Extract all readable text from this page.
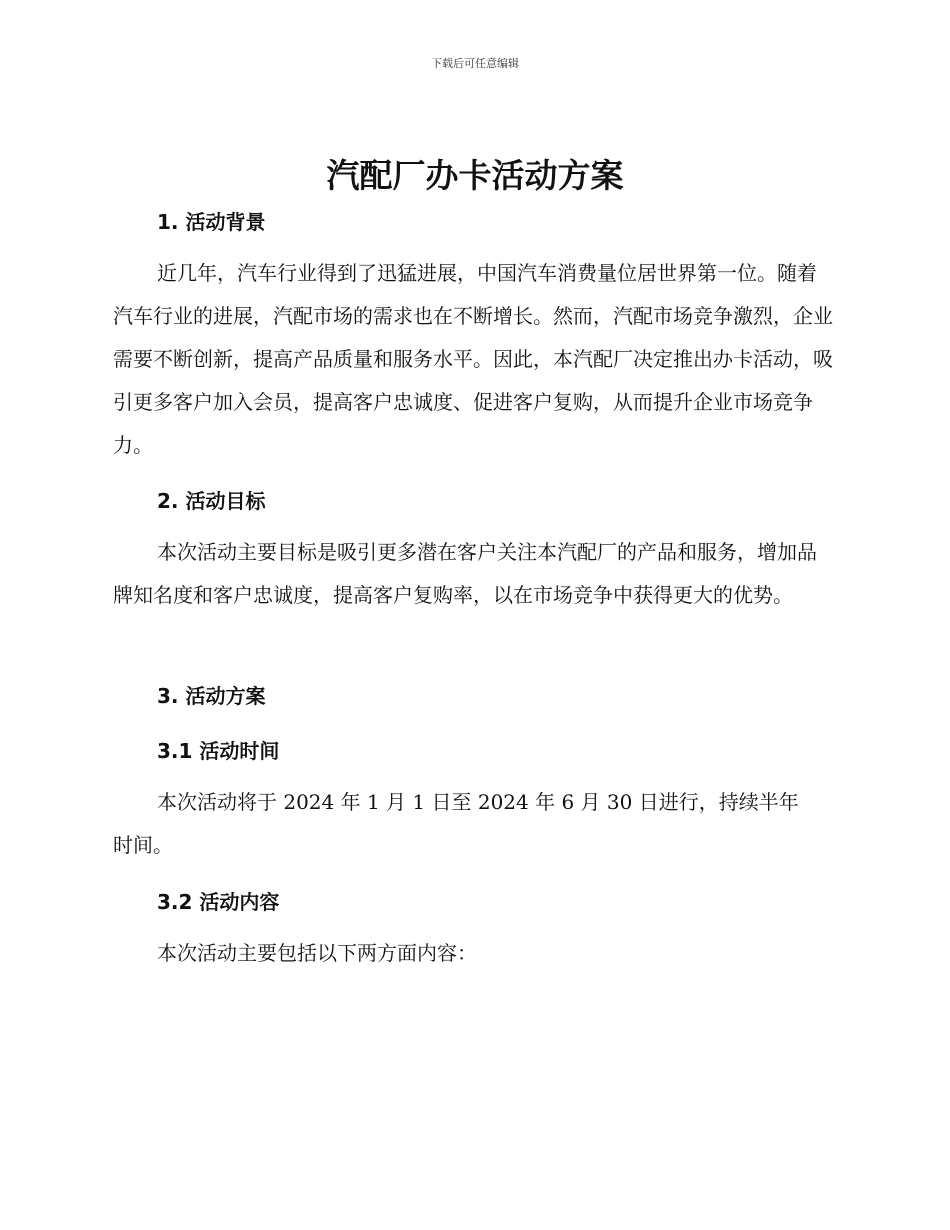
下载后可任意编辑
汽配厂办卡活动方案
1. 活动背景

近几年，汽车行业得到了迅猛进展，中国汽车消费量位居世界第一位。随着汽车行业的进展，汽配市场的需求也在不断增长。然而，汽配市场竞争激烈，企业需要不断创新，提高产品质量和服务水平。因此，本汽配厂决定推出办卡活动，吸引更多客户加入会员，提高客户忠诚度、促进客户复购，从而提升企业市场竞争力。

2. 活动目标

本次活动主要目标是吸引更多潜在客户关注本汽配厂的产品和服务，增加品牌知名度和客户忠诚度，提高客户复购率，以在市场竞争中获得更大的优势。

3. 活动方案
3.1 活动时间

本次活动将于 2024 年 1 月 1 日至 2024 年 6 月 30 日进行，持续半年时间。

3.2 活动内容

本次活动主要包括以下两方面内容：
